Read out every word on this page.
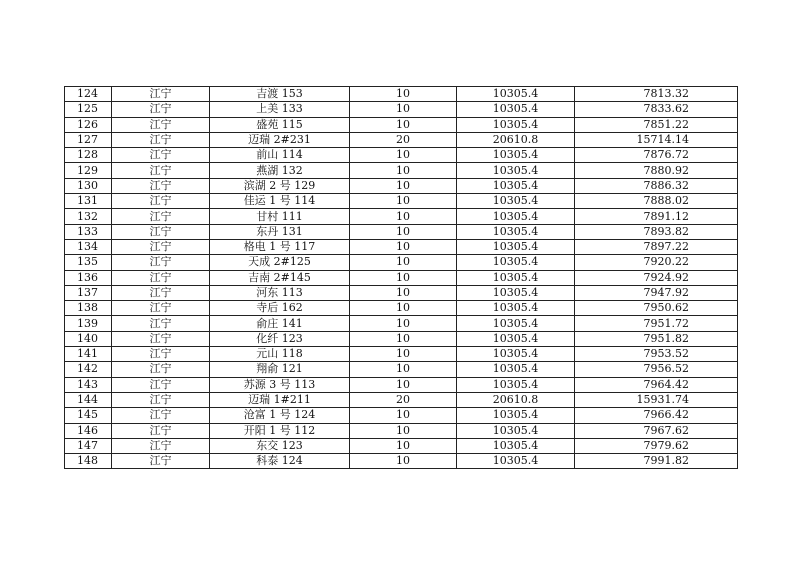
124	江宁	吉渡 153	10	10305.4	7813.32
125	江宁	上美 133	10	10305.4	7833.62
126	江宁	盛苑 115	10	10305.4	7851.22
127	江宁	迈瑞 2#231	20	20610.8	15714.14
128	江宁	前山 114	10	10305.4	7876.72
129	江宁	燕湖 132	10	10305.4	7880.92
130	江宁	滨湖 2 号 129	10	10305.4	7886.32
131	江宁	佳运 1 号 114	10	10305.4	7888.02
132	江宁	甘村 111	10	10305.4	7891.12
133	江宁	东丹 131	10	10305.4	7893.82
134	江宁	格电 1 号 117	10	10305.4	7897.22
135	江宁	天成 2#125	10	10305.4	7920.22
136	江宁	吉南 2#145	10	10305.4	7924.92
137	江宁	河东 113	10	10305.4	7947.92
138	江宁	寺后 162	10	10305.4	7950.62
139	江宁	俞庄 141	10	10305.4	7951.72
140	江宁	化纤 123	10	10305.4	7951.82
141	江宁	元山 118	10	10305.4	7953.52
142	江宁	翔俞 121	10	10305.4	7956.52
143	江宁	苏源 3 号 113	10	10305.4	7964.42
144	江宁	迈瑞 1#211	20	20610.8	15931.74
145	江宁	沧富 1 号 124	10	10305.4	7966.42
146	江宁	开阳 1 号 112	10	10305.4	7967.62
147	江宁	东交 123	10	10305.4	7979.62
148	江宁	科泰 124	10	10305.4	7991.82
